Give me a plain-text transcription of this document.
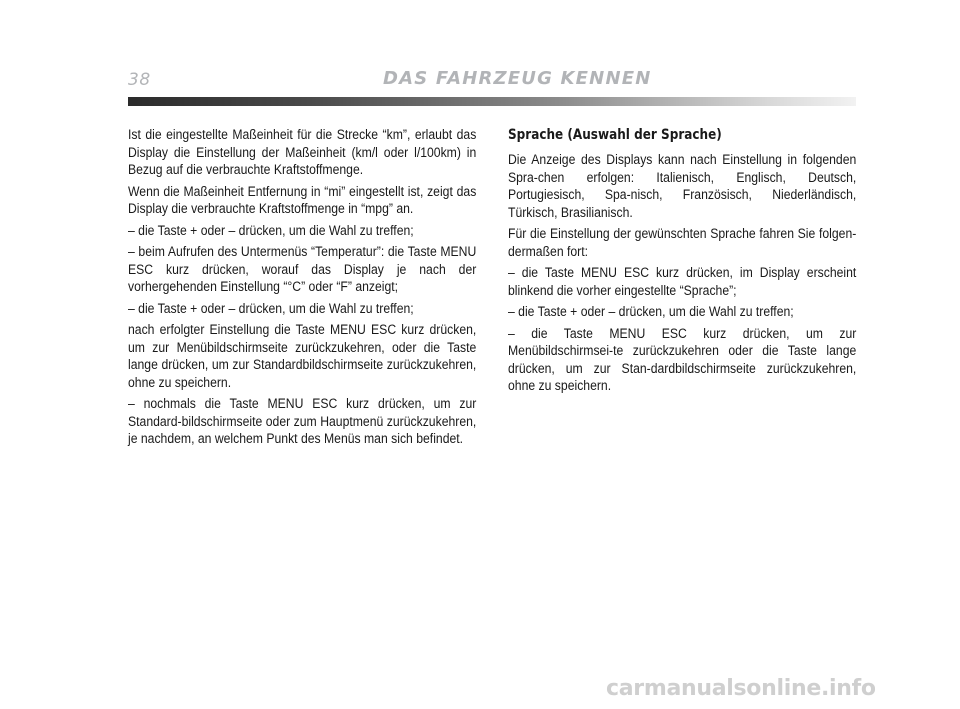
38	DAS FAHRZEUG KENNEN

Ist die eingestellte Maßeinheit für die Strecke “km”, erlaubt das Display die Einstellung der Maßeinheit (km/l oder l/100km) in Bezug auf die verbrauchte Kraftstoffmenge.

Wenn die Maßeinheit Entfernung in “mi” eingestellt ist, zeigt das Display die verbrauchte Kraftstoffmenge in “mpg” an.

– die Taste + oder – drücken, um die Wahl zu treffen;

– beim Aufrufen des Untermenüs “Temperatur”: die Taste MENU ESC kurz drücken, worauf das Display je nach der vorhergehenden Einstellung “°C” oder “F” anzeigt;

– die Taste + oder – drücken, um die Wahl zu treffen;

nach erfolgter Einstellung die Taste MENU ESC kurz drücken, um zur Menübildschirmseite zurückzukehren, oder die Taste lange drücken, um zur Standardbildschirmseite zurückzukehren, ohne zu speichern.

– nochmals die Taste MENU ESC kurz drücken, um zur Standard-bildschirmseite oder zum Hauptmenü zurückzukehren, je nachdem, an welchem Punkt des Menüs man sich befindet.

Sprache (Auswahl der Sprache)

Die Anzeige des Displays kann nach Einstellung in folgenden Spra-chen erfolgen: Italienisch, Englisch, Deutsch, Portugiesisch, Spa-nisch, Französisch, Niederländisch, Türkisch, Brasilianisch.

Für die Einstellung der gewünschten Sprache fahren Sie folgen-dermaßen fort:

– die Taste MENU ESC kurz drücken, im Display erscheint blinkend die vorher eingestellte “Sprache”;

– die Taste + oder – drücken, um die Wahl zu treffen;

– die Taste MENU ESC kurz drücken, um zur Menübildschirmsei-te zurückzukehren oder die Taste lange drücken, um zur Stan-dardbildschirmseite zurückzukehren, ohne zu speichern.

carmanualsonline.info
